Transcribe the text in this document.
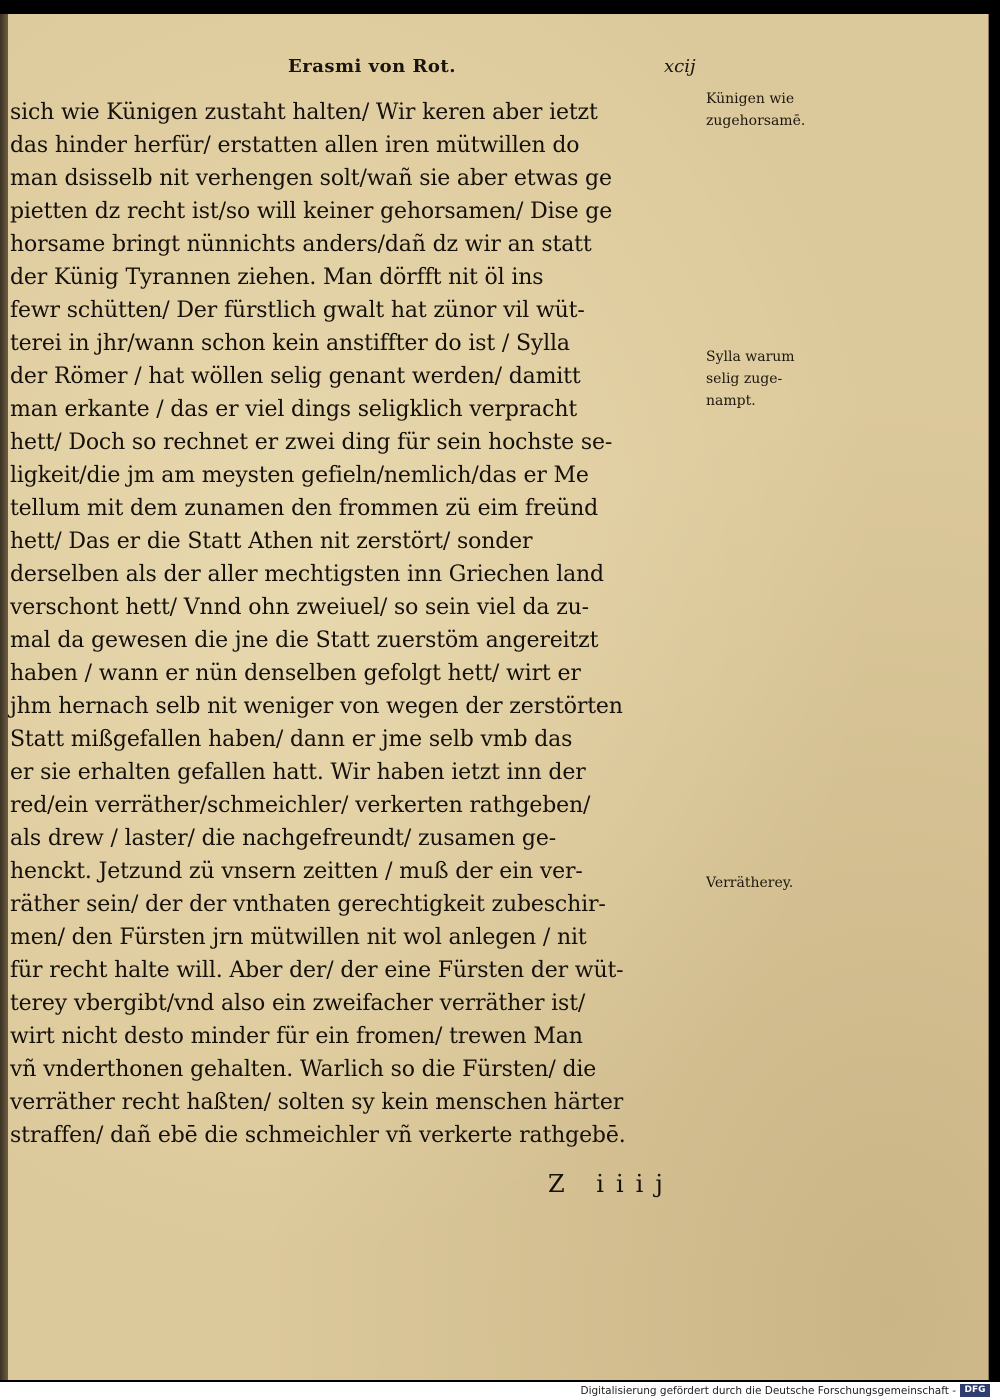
Erasmi von Rot.	xcij
sich wie Künigen zustaht halten/ Wir keren aber ietzt
das hinder herfür/ erstatten allen iren mütwillen do
man dsisselb nit verhengen solt/wañ sie aber etwas ge
pietten dz recht ist/so will keiner gehorsamen/ Dise ge
horsame bringt nünnichts anders/dañ dz wir an statt
der Künig Tyrannen ziehen. Man dörfft nit öl ins
fewr schütten/ Der fürstlich gwalt hat zünor vil wüt-
terei in jhr/wann schon kein anstiffter do ist / Sylla
der Römer / hat wöllen selig genant werden/ damitt
man erkante / das er viel dings seligklich verpracht
hett/ Doch so rechnet er zwei ding für sein hochste se-
ligkeit/die jm am meysten gefieln/nemlich/das er Me
tellum mit dem zunamen den frommen zü eim freünd
hett/ Das er die Statt Athen nit zerstört/ sonder
derselben als der aller mechtigsten inn Griechen land
verschont hett/ Vnnd ohn zweiuel/ so sein viel da zu-
mal da gewesen die jne die Statt zuerstöm angereitzt
haben / wann er nün denselben gefolgt hett/ wirt er
jhm hernach selb nit weniger von wegen der zerstörten
Statt mißgefallen haben/ dann er jme selb vmb das
er sie erhalten gefallen hatt. Wir haben ietzt inn der
red/ein verräther/schmeichler/ verkerten rathgeben/
als drew / laster/ die nachgefreundt/ zusamen ge-
henckt. Jetzund zü vnsern zeitten / muß der ein ver-
räther sein/ der der vnthaten gerechtigkeit zubeschir-
men/ den Fürsten jrn mütwillen nit wol anlegen / nit
für recht halte will. Aber der/ der eine Fürsten der wüt-
terey vbergibt/vnd also ein zweifacher verräther ist/
wirt nicht desto minder für ein fromen/ trewen Man
vñ vnderthonen gehalten. Warlich so die Fürsten/ die
verräther recht haßten/ solten sy kein menschen härter
straffen/ dañ ebē die schmeichler vñ verkerte rathgebē.
Künigen wie
zugehorsamē.
Sylla warum
selig zuge-
nampt.
Verrätherey.
Z iiij
Digitalisierung gefördert durch die Deutsche Forschungsgemeinschaft - DFG
